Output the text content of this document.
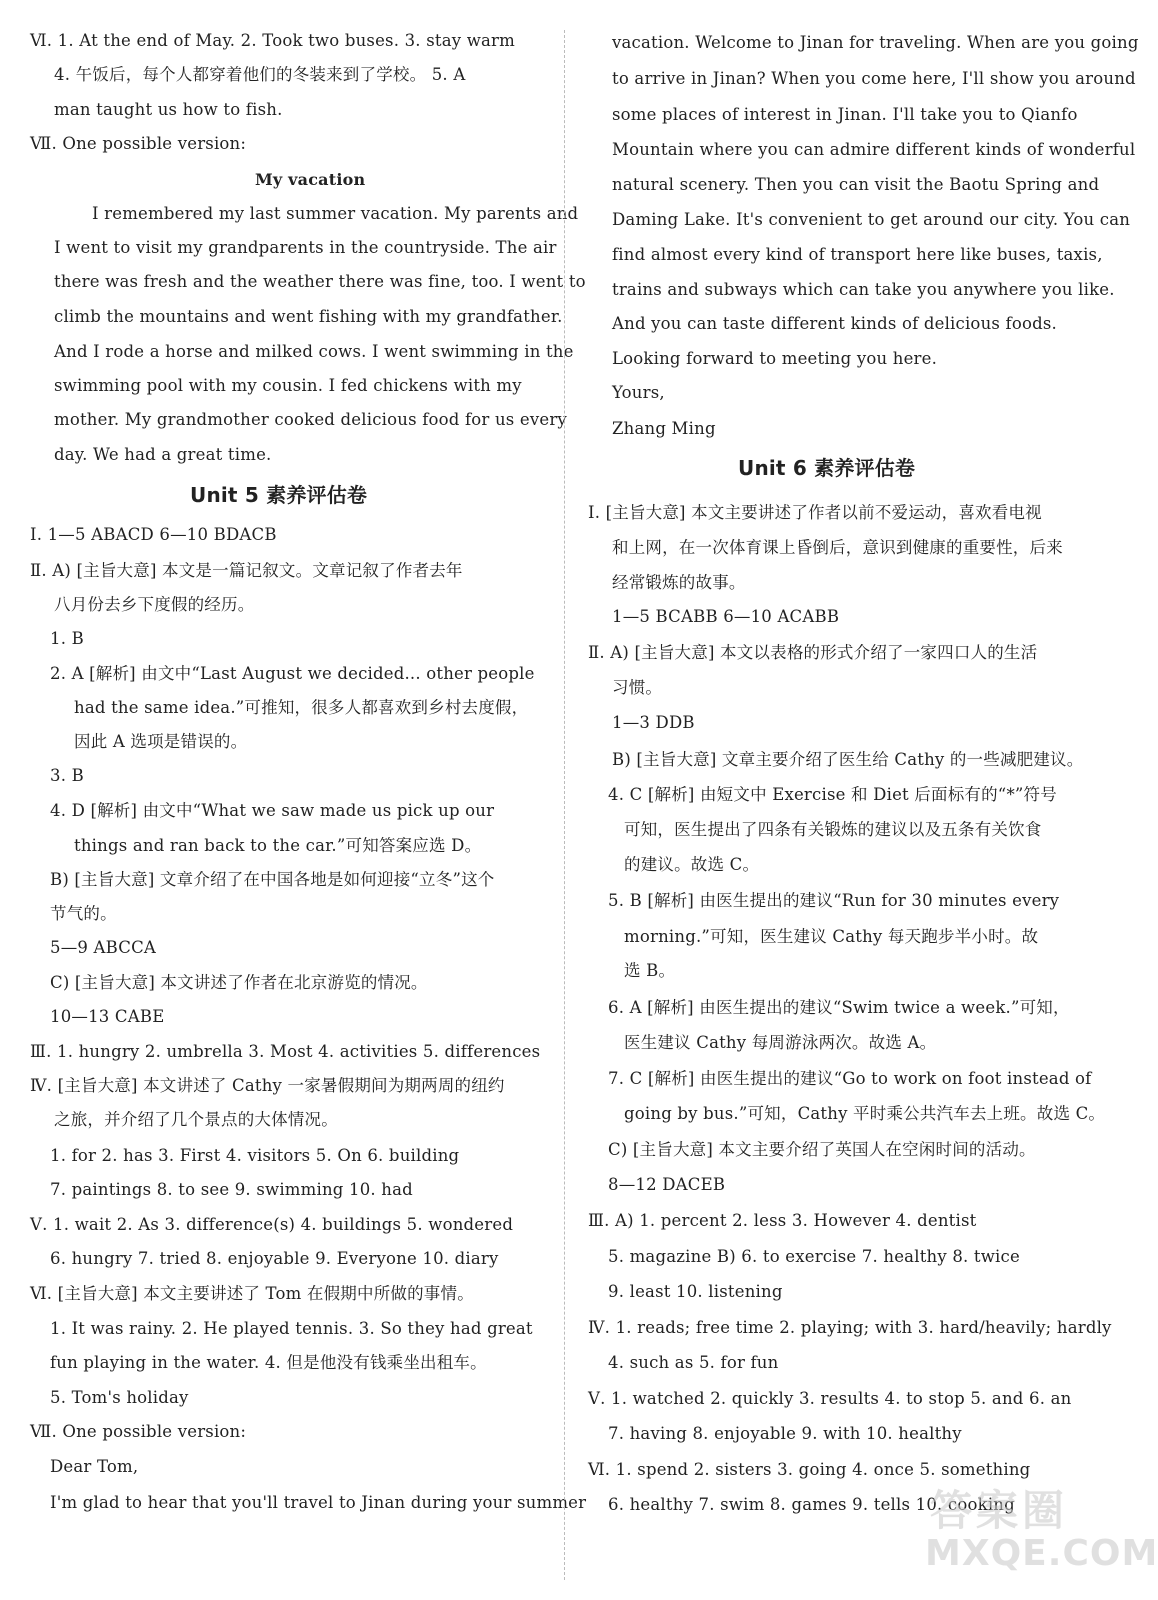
Ⅵ. 1. At the end of May. 2. Took two buses. 3. stay warm
4. 午饭后，每个人都穿着他们的冬装来到了学校。 5. A
man taught us how to fish.
Ⅶ. One possible version:
My vacation
I remembered my last summer vacation. My parents and
I went to visit my grandparents in the countryside. The air
there was fresh and the weather there was fine, too. I went to
climb the mountains and went fishing with my grandfather.
And I rode a horse and milked cows. I went swimming in the
swimming pool with my cousin. I fed chickens with my
mother. My grandmother cooked delicious food for us every
day. We had a great time.
Unit 5 素养评估卷
Ⅰ. 1—5 ABACD 6—10 BDACB
Ⅱ. A) [主旨大意] 本文是一篇记叙文。文章记叙了作者去年
八月份去乡下度假的经历。
1. B
2. A [解析] 由文中“Last August we decided... other people
had the same idea.”可推知，很多人都喜欢到乡村去度假，
因此 A 选项是错误的。
3. B
4. D [解析] 由文中“What we saw made us pick up our
things and ran back to the car.”可知答案应选 D。
B) [主旨大意] 文章介绍了在中国各地是如何迎接“立冬”这个
节气的。
5—9 ABCCA
C) [主旨大意] 本文讲述了作者在北京游览的情况。
10—13 CABE
Ⅲ. 1. hungry 2. umbrella 3. Most 4. activities 5. differences
Ⅳ. [主旨大意] 本文讲述了 Cathy 一家暑假期间为期两周的纽约
之旅，并介绍了几个景点的大体情况。
1. for 2. has 3. First 4. visitors 5. On 6. building
7. paintings 8. to see 9. swimming 10. had
Ⅴ. 1. wait 2. As 3. difference(s) 4. buildings 5. wondered
6. hungry 7. tried 8. enjoyable 9. Everyone 10. diary
Ⅵ. [主旨大意] 本文主要讲述了 Tom 在假期中所做的事情。
1. It was rainy. 2. He played tennis. 3. So they had great
fun playing in the water. 4. 但是他没有钱乘坐出租车。
5. Tom's holiday
Ⅶ. One possible version:
Dear Tom,
I'm glad to hear that you'll travel to Jinan during your summer
vacation. Welcome to Jinan for traveling. When are you going
to arrive in Jinan? When you come here, I'll show you around
some places of interest in Jinan. I'll take you to Qianfo
Mountain where you can admire different kinds of wonderful
natural scenery. Then you can visit the Baotu Spring and
Daming Lake. It's convenient to get around our city. You can
find almost every kind of transport here like buses, taxis,
trains and subways which can take you anywhere you like.
And you can taste different kinds of delicious foods.
Looking forward to meeting you here.
Yours,
Zhang Ming
Unit 6 素养评估卷
Ⅰ. [主旨大意] 本文主要讲述了作者以前不爱运动，喜欢看电视
和上网，在一次体育课上昏倒后，意识到健康的重要性，后来
经常锻炼的故事。
1—5 BCABB 6—10 ACABB
Ⅱ. A) [主旨大意] 本文以表格的形式介绍了一家四口人的生活
习惯。
1—3 DDB
B) [主旨大意] 文章主要介绍了医生给 Cathy 的一些减肥建议。
4. C [解析] 由短文中 Exercise 和 Diet 后面标有的“*”符号
可知，医生提出了四条有关锻炼的建议以及五条有关饮食
的建议。故选 C。
5. B [解析] 由医生提出的建议“Run for 30 minutes every
morning.”可知，医生建议 Cathy 每天跑步半小时。故
选 B。
6. A [解析] 由医生提出的建议“Swim twice a week.”可知，
医生建议 Cathy 每周游泳两次。故选 A。
7. C [解析] 由医生提出的建议“Go to work on foot instead of
going by bus.”可知，Cathy 平时乘公共汽车去上班。故选 C。
C) [主旨大意] 本文主要介绍了英国人在空闲时间的活动。
8—12 DACEB
Ⅲ. A) 1. percent 2. less 3. However 4. dentist
5. magazine B) 6. to exercise 7. healthy 8. twice
9. least 10. listening
Ⅳ. 1. reads; free time 2. playing; with 3. hard/heavily; hardly
4. such as 5. for fun
Ⅴ. 1. watched 2. quickly 3. results 4. to stop 5. and 6. an
7. having 8. enjoyable 9. with 10. healthy
Ⅵ. 1. spend 2. sisters 3. going 4. once 5. something
6. healthy 7. swim 8. games 9. tells 10. cooking
答案圈
MXQE.COM
